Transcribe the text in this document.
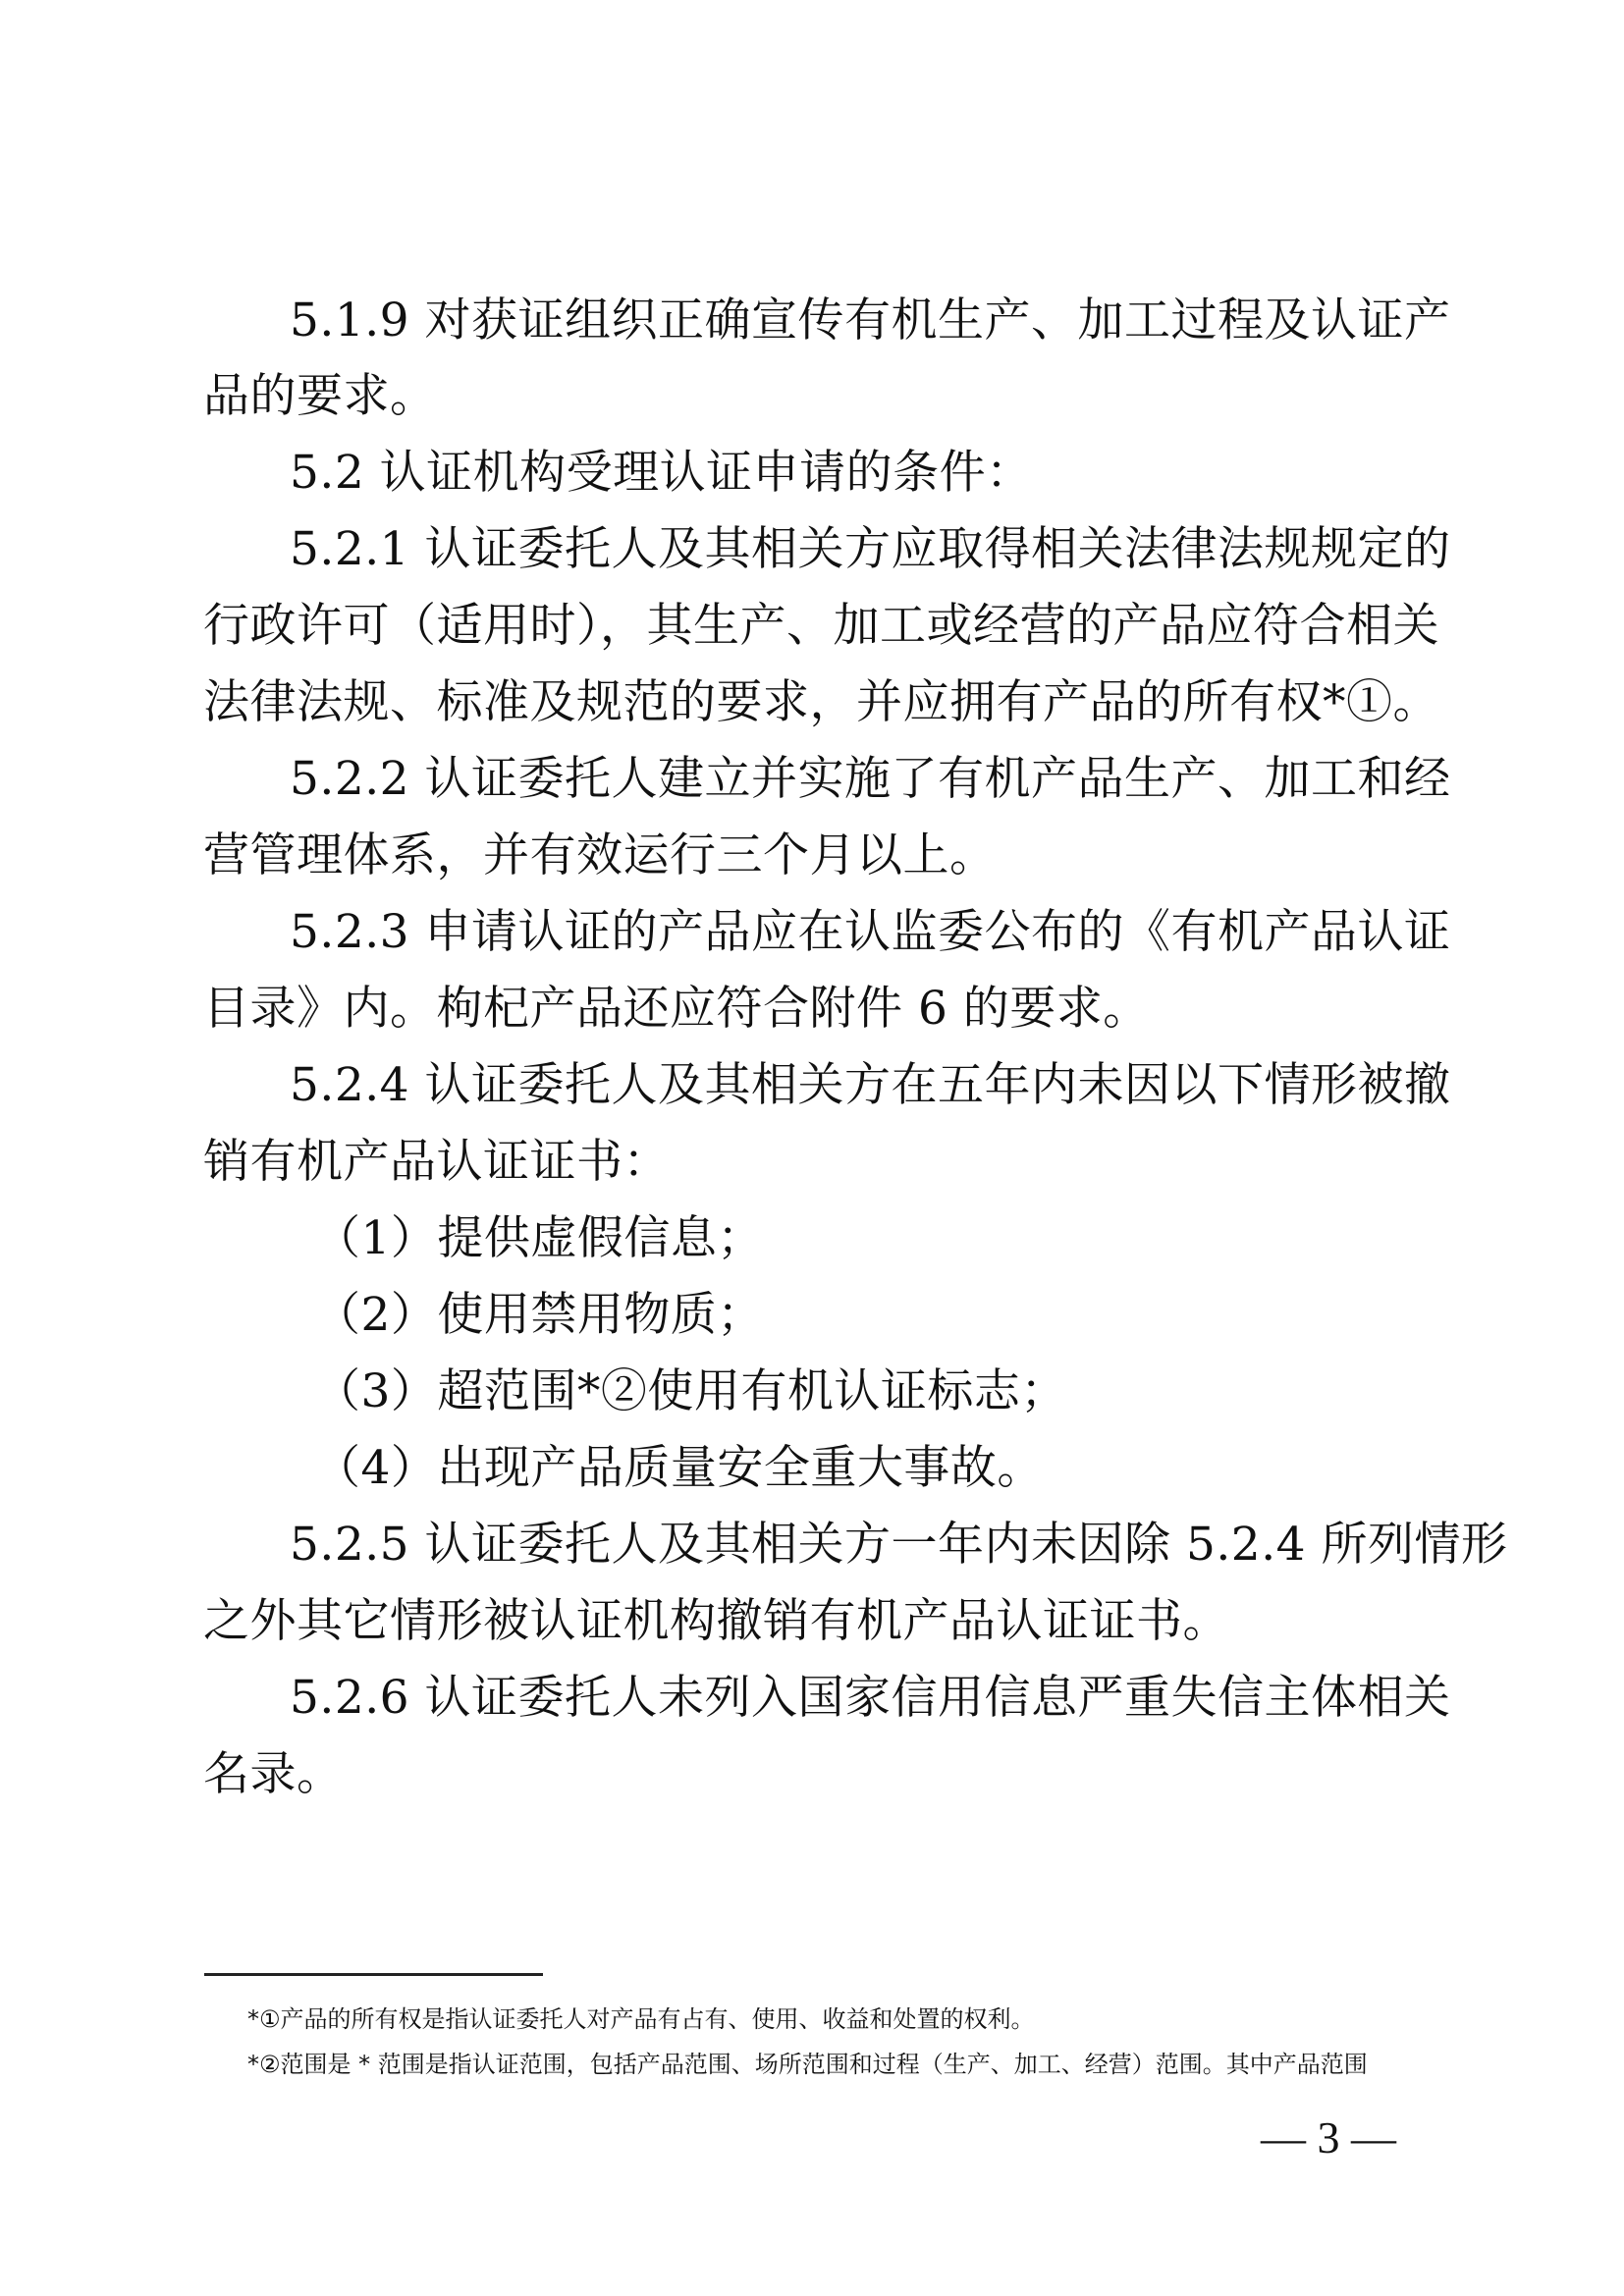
5.1.9 对获证组织正确宣传有机生产、加工过程及认证产
品的要求。
5.2 认证机构受理认证申请的条件：
5.2.1 认证委托人及其相关方应取得相关法律法规规定的
行政许可（适用时），其生产、加工或经营的产品应符合相关
法律法规、标准及规范的要求，并应拥有产品的所有权*①。
5.2.2 认证委托人建立并实施了有机产品生产、加工和经
营管理体系，并有效运行三个月以上。
5.2.3 申请认证的产品应在认监委公布的《有机产品认证
目录》内。枸杞产品还应符合附件 6 的要求。
5.2.4 认证委托人及其相关方在五年内未因以下情形被撤
销有机产品认证证书：
（1）提供虚假信息；
（2）使用禁用物质；
（3）超范围*②使用有机认证标志；
（4）出现产品质量安全重大事故。
5.2.5 认证委托人及其相关方一年内未因除 5.2.4 所列情形
之外其它情形被认证机构撤销有机产品认证证书。
5.2.6 认证委托人未列入国家信用信息严重失信主体相关
名录。
*①产品的所有权是指认证委托人对产品有占有、使用、收益和处置的权利。
*②范围是 * 范围是指认证范围，包括产品范围、场所范围和过程（生产、加工、经营）范围。其中产品范围
— 3 —
